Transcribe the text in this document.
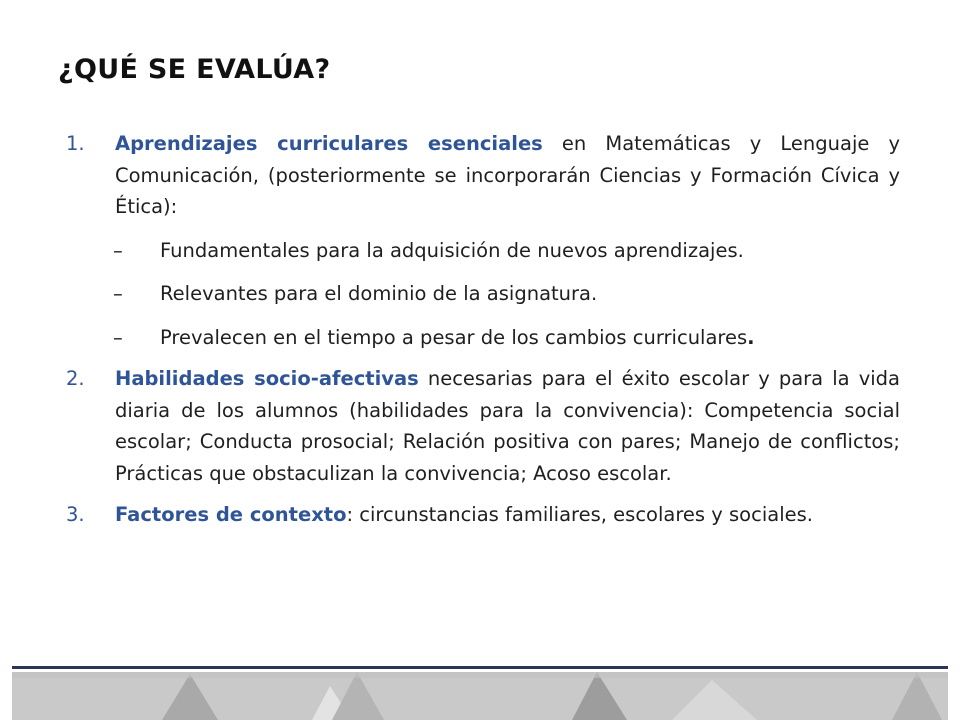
¿QUÉ SE EVALÚA?
1. Aprendizajes curriculares esenciales en Matemáticas y Lenguaje y Comunicación, (posteriormente se incorporarán Ciencias y Formación Cívica y Ética):
– Fundamentales para la adquisición de nuevos aprendizajes.
– Relevantes para el dominio de la asignatura.
– Prevalecen en el tiempo a pesar de los cambios curriculares.
2. Habilidades socio-afectivas necesarias para el éxito escolar y para la vida diaria de los alumnos (habilidades para la convivencia): Competencia social escolar; Conducta prosocial; Relación positiva con pares; Manejo de conflictos; Prácticas que obstaculizan la convivencia; Acoso escolar.
3. Factores de contexto: circunstancias familiares, escolares y sociales.
